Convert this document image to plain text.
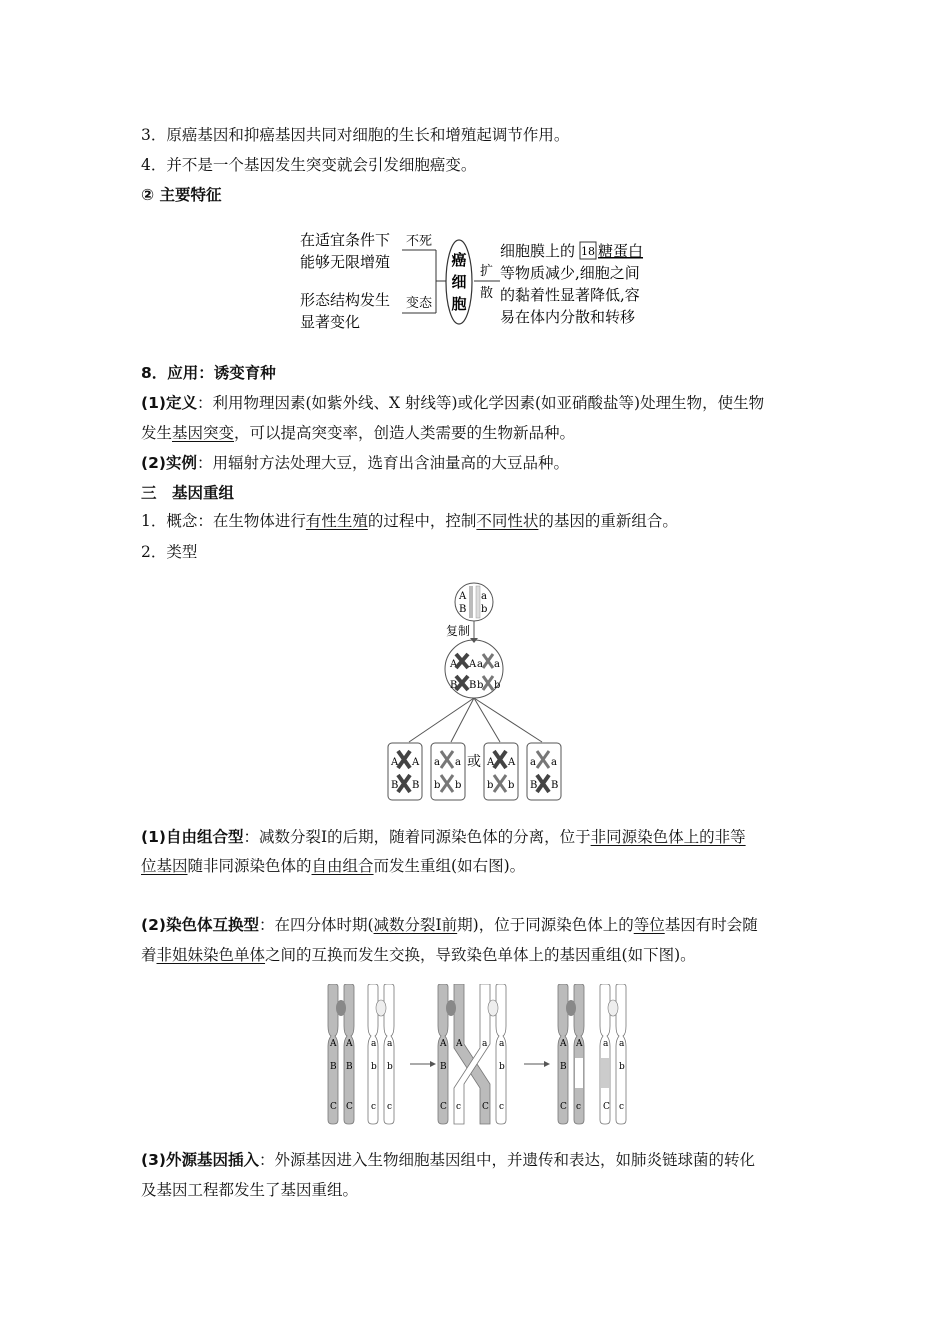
3．原癌基因和抑癌基因共同对细胞的生长和增殖起调节作用。
4．并不是一个基因发生突变就会引发细胞癌变。
② 主要特征
在适宜条件下
能够无限增殖
不死
形态结构发生
显著变化
变态
癌
细
胞
扩
散
细胞膜上的 18 糖蛋白
等物质减少,细胞之间
的黏着性显著降低,容
易在体内分散和转移
8．应用：诱变育种
(1)定义：利用物理因素(如紫外线、X 射线等)或化学因素(如亚硝酸盐等)处理生物，使生物
发生基因突变，可以提高突变率，创造人类需要的生物新品种。
(2)实例：用辐射方法处理大豆，选育出含油量高的大豆品种。
三　基因重组
1．概念：在生物体进行有性生殖的过程中，控制不同性状的基因的重新组合。
2．类型
A a
B b
复制
A A a a
B B b b
A A
B B
a a
b b
或 A A
b b
a a
B B
(1)自由组合型：减数分裂Ⅰ的后期，随着同源染色体的分离，位于非同源染色体上的非等
位基因随非同源染色体的自由组合而发生重组(如右图)。
(2)染色体互换型：在四分体时期(减数分裂Ⅰ前期)，位于同源染色体上的等位基因有时会随
着非姐妹染色单体之间的互换而发生交换，导致染色单体上的基因重组(如下图)。
A A a a
B B b b
C C c c
A A a a
B	b
C c C c
A A a a
B	b
C c C c
(3)外源基因插入：外源基因进入生物细胞基因组中，并遗传和表达，如肺炎链球菌的转化
及基因工程都发生了基因重组。
